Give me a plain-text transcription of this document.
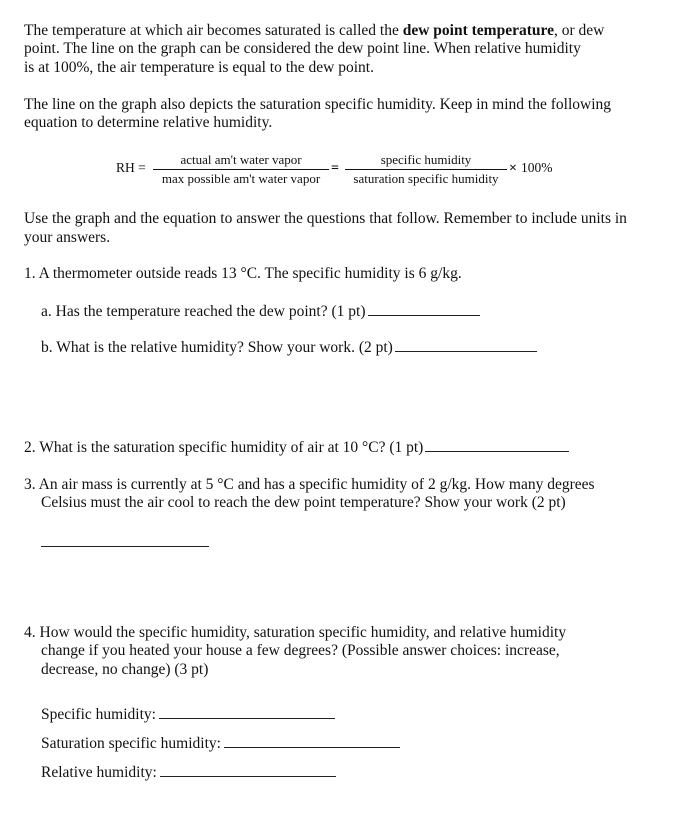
The temperature at which air becomes saturated is called the dew point temperature, or dew
point. The line on the graph can be considered the dew point line. When relative humidity
is at 100%, the air temperature is equal to the dew point.
The line on the graph also depicts the saturation specific humidity. Keep in mind the following
equation to determine relative humidity.
RH =
actual am't water vapor
max possible am't water vapor
=
specific humidity
saturation specific humidity
× 100%
Use the graph and the equation to answer the questions that follow. Remember to include units in
your answers.
1. A thermometer outside reads 13 °C. The specific humidity is 6 g/kg.
a. Has the temperature reached the dew point? (1 pt)
b. What is the relative humidity? Show your work. (2 pt)
2. What is the saturation specific humidity of air at 10 °C? (1 pt)
3. An air mass is currently at 5 °C and has a specific humidity of 2 g/kg. How many degrees
Celsius must the air cool to reach the dew point temperature? Show your work (2 pt)
4. How would the specific humidity, saturation specific humidity, and relative humidity
change if you heated your house a few degrees? (Possible answer choices: increase,
decrease, no change) (3 pt)
Specific humidity:
Saturation specific humidity:
Relative humidity:
